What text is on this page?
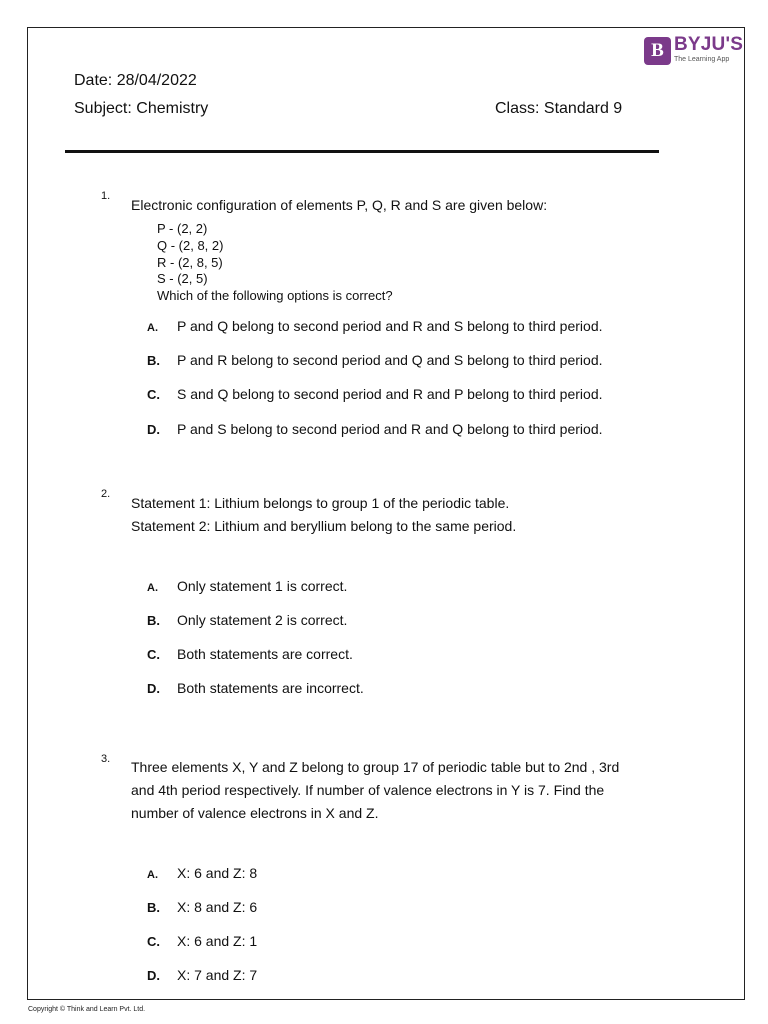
B BYJU'S
The Learning App
Date: 28/04/2022
Subject: Chemistry	Class: Standard 9
1.
Electronic configuration of elements P, Q, R and S are given below:
P - (2, 2)
Q - (2, 8, 2)
R - (2, 8, 5)
S - (2, 5)
Which of the following options is correct?
A. P and Q belong to second period and R and S belong to third period.
B. P and R belong to second period and Q and S belong to third period.
C. S and Q belong to second period and R and P belong to third period.
D. P and S belong to second period and R and Q belong to third period.
2.
Statement 1: Lithium belongs to group 1 of the periodic table.
Statement 2: Lithium and beryllium belong to the same period.
A. Only statement 1 is correct.
B. Only statement 2 is correct.
C. Both statements are correct.
D. Both statements are incorrect.
3. Three elements X, Y and Z belong to group 17 of periodic table but to 2nd , 3rd
and 4th period respectively. If number of valence electrons in Y is 7. Find the
number of valence electrons in X and Z.
A. X: 6 and Z: 8
B. X: 8 and Z: 6
C. X: 6 and Z: 1
D. X: 7 and Z: 7
Copyright © Think and Learn Pvt. Ltd.
